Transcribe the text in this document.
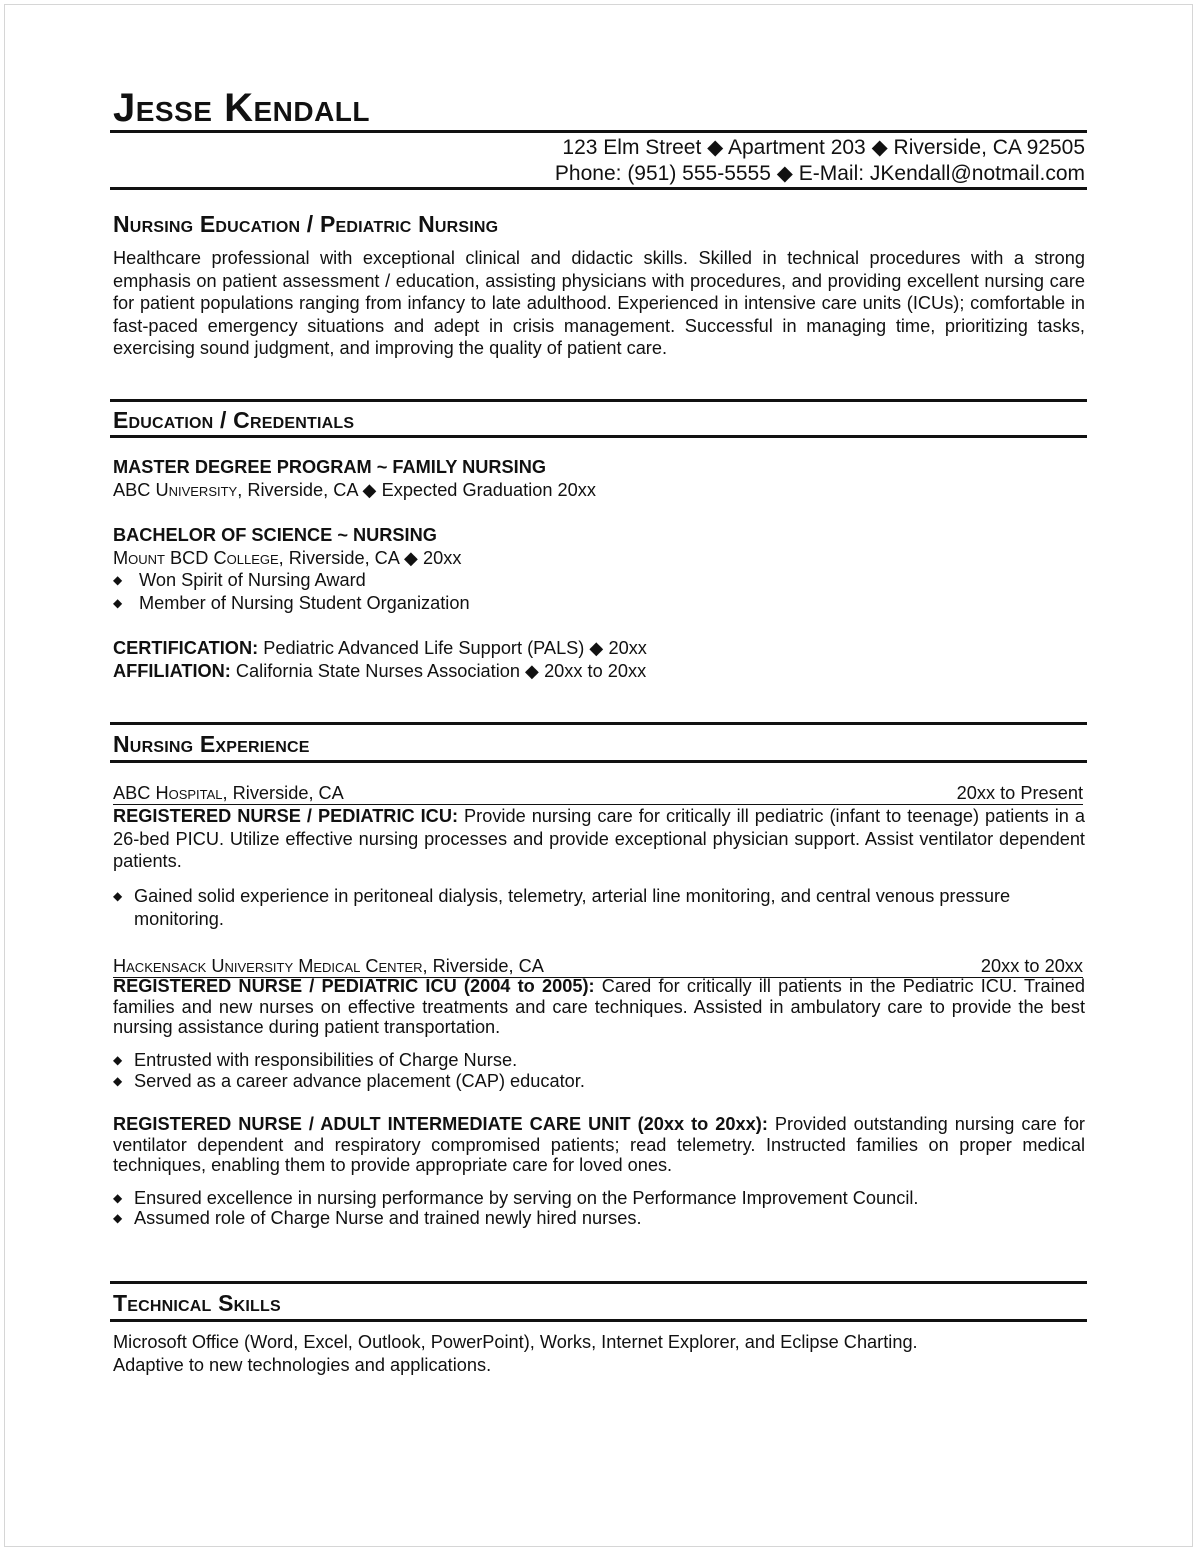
Jesse Kendall
123 Elm Street ◆ Apartment 203 ◆ Riverside, CA 92505
Phone: (951) 555-5555 ◆ E-Mail: JKendall@notmail.com
Nursing Education / Pediatric Nursing
Healthcare professional with exceptional clinical and didactic skills. Skilled in technical procedures with a strong emphasis on patient assessment / education, assisting physicians with procedures, and providing excellent nursing care for patient populations ranging from infancy to late adulthood. Experienced in intensive care units (ICUs); comfortable in fast-paced emergency situations and adept in crisis management. Successful in managing time, prioritizing tasks, exercising sound judgment, and improving the quality of patient care.
Education / Credentials
MASTER DEGREE PROGRAM ~ FAMILY NURSING
ABC University, Riverside, CA ◆ Expected Graduation 20xx
BACHELOR OF SCIENCE ~ NURSING
Mount BCD College, Riverside, CA ◆ 20xx
◆ Won Spirit of Nursing Award
◆ Member of Nursing Student Organization
CERTIFICATION: Pediatric Advanced Life Support (PALS) ◆ 20xx
AFFILIATION: California State Nurses Association ◆ 20xx to 20xx
Nursing Experience
ABC Hospital, Riverside, CA	20xx to Present
REGISTERED NURSE / PEDIATRIC ICU: Provide nursing care for critically ill pediatric (infant to teenage) patients in a 26-bed PICU. Utilize effective nursing processes and provide exceptional physician support. Assist ventilator dependent patients.
◆ Gained solid experience in peritoneal dialysis, telemetry, arterial line monitoring, and central venous pressure monitoring.
Hackensack University Medical Center, Riverside, CA	20xx to 20xx
REGISTERED NURSE / PEDIATRIC ICU (2004 to 2005): Cared for critically ill patients in the Pediatric ICU. Trained families and new nurses on effective treatments and care techniques. Assisted in ambulatory care to provide the best nursing assistance during patient transportation.
◆ Entrusted with responsibilities of Charge Nurse.
◆ Served as a career advance placement (CAP) educator.
REGISTERED NURSE / ADULT INTERMEDIATE CARE UNIT (20xx to 20xx): Provided outstanding nursing care for ventilator dependent and respiratory compromised patients; read telemetry. Instructed families on proper medical techniques, enabling them to provide appropriate care for loved ones.
◆ Ensured excellence in nursing performance by serving on the Performance Improvement Council.
◆ Assumed role of Charge Nurse and trained newly hired nurses.
Technical Skills
Microsoft Office (Word, Excel, Outlook, PowerPoint), Works, Internet Explorer, and Eclipse Charting.
Adaptive to new technologies and applications.
